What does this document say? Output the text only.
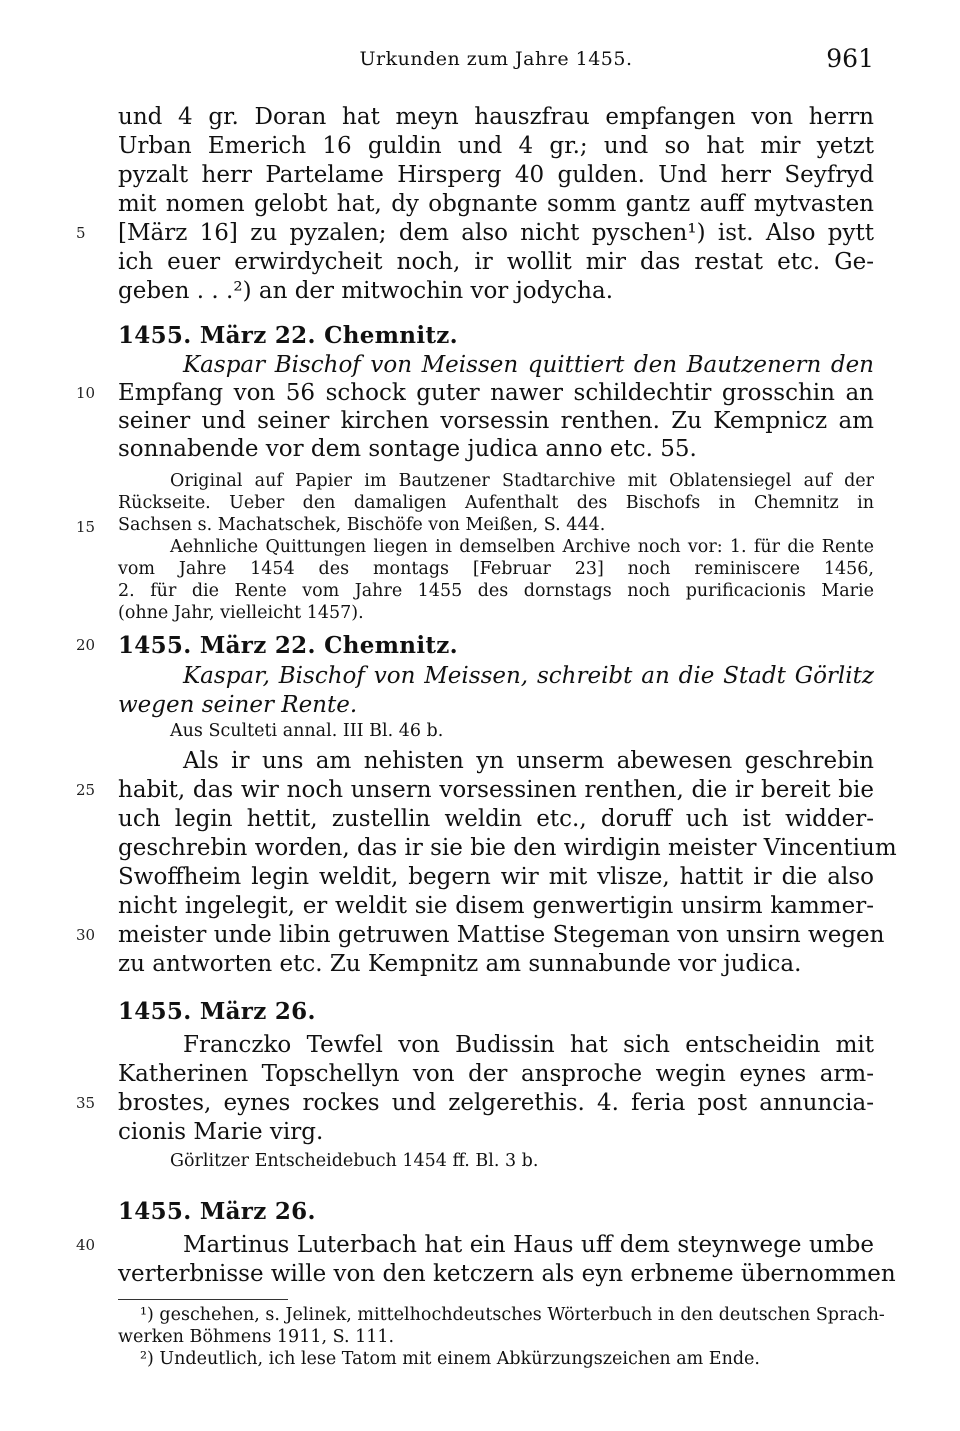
Urkunden zum Jahre 1455.	961
und 4 gr. Doran hat meyn hauszfrau empfangen von herrn
Urban Emerich 16 guldin und 4 gr.; und so hat mir yetzt
pyzalt herr Partelame Hirsperg 40 gulden. Und herr Seyfryd
mit nomen gelobt hat, dy obgnante somm gantz auff mytvasten
[März 16] zu pyzalen; dem also nicht pyschen¹) ist. Also pytt
ich euer erwirdycheit noch, ir wollit mir das restat etc. Ge-
geben . . .²) an der mitwochin vor jodycha.
1455. März 22. Chemnitz.
Kaspar Bischof von Meissen quittiert den Bautzenern den
Empfang von 56 schock guter nawer schildechtir grosschin an
seiner und seiner kirchen vorsessin renthen. Zu Kempnicz am
sonnabende vor dem sontage judica anno etc. 55.
Original auf Papier im Bautzener Stadtarchive mit Oblatensiegel auf der
Rückseite. Ueber den damaligen Aufenthalt des Bischofs in Chemnitz in
Sachsen s. Machatschek, Bischöfe von Meißen, S. 444.
Aehnliche Quittungen liegen in demselben Archive noch vor: 1. für die Rente
vom Jahre 1454 des montags [Februar 23] noch reminiscere 1456,
2. für die Rente vom Jahre 1455 des dornstags noch purificacionis Marie
(ohne Jahr, vielleicht 1457).
1455. März 22. Chemnitz.
Kaspar, Bischof von Meissen, schreibt an die Stadt Görlitz
wegen seiner Rente.
Aus Sculteti annal. III Bl. 46 b.
Als ir uns am nehisten yn unserm abewesen geschrebin
habit, das wir noch unsern vorsessinen renthen, die ir bereit bie
uch legin hettit, zustellin weldin etc., doruff uch ist widder-
geschrebin worden, das ir sie bie den wirdigin meister Vincentium
Swoffheim legin weldit, begern wir mit vlisze, hattit ir die also
nicht ingelegit, er weldit sie disem genwertigin unsirm kammer-
meister unde libin getruwen Mattise Stegeman von unsirn wegen
zu antworten etc. Zu Kempnitz am sunnabunde vor judica.
1455. März 26.
Franczko Tewfel von Budissin hat sich entscheidin mit
Katherinen Topschellyn von der ansproche wegin eynes arm-
brostes, eynes rockes und zelgerethis. 4. feria post annuncia-
cionis Marie virg.
Görlitzer Entscheidebuch 1454 ff. Bl. 3 b.
1455. März 26.
Martinus Luterbach hat ein Haus uff dem steynwege umbe
verterbnisse wille von den ketczern als eyn erbneme übernommen
¹) geschehen, s. Jelinek, mittelhochdeutsches Wörterbuch in den deutschen Sprach-
werken Böhmens 1911, S. 111.
²) Undeutlich, ich lese Tatom mit einem Abkürzungszeichen am Ende.
5
10
15
20
25
30
35
40
